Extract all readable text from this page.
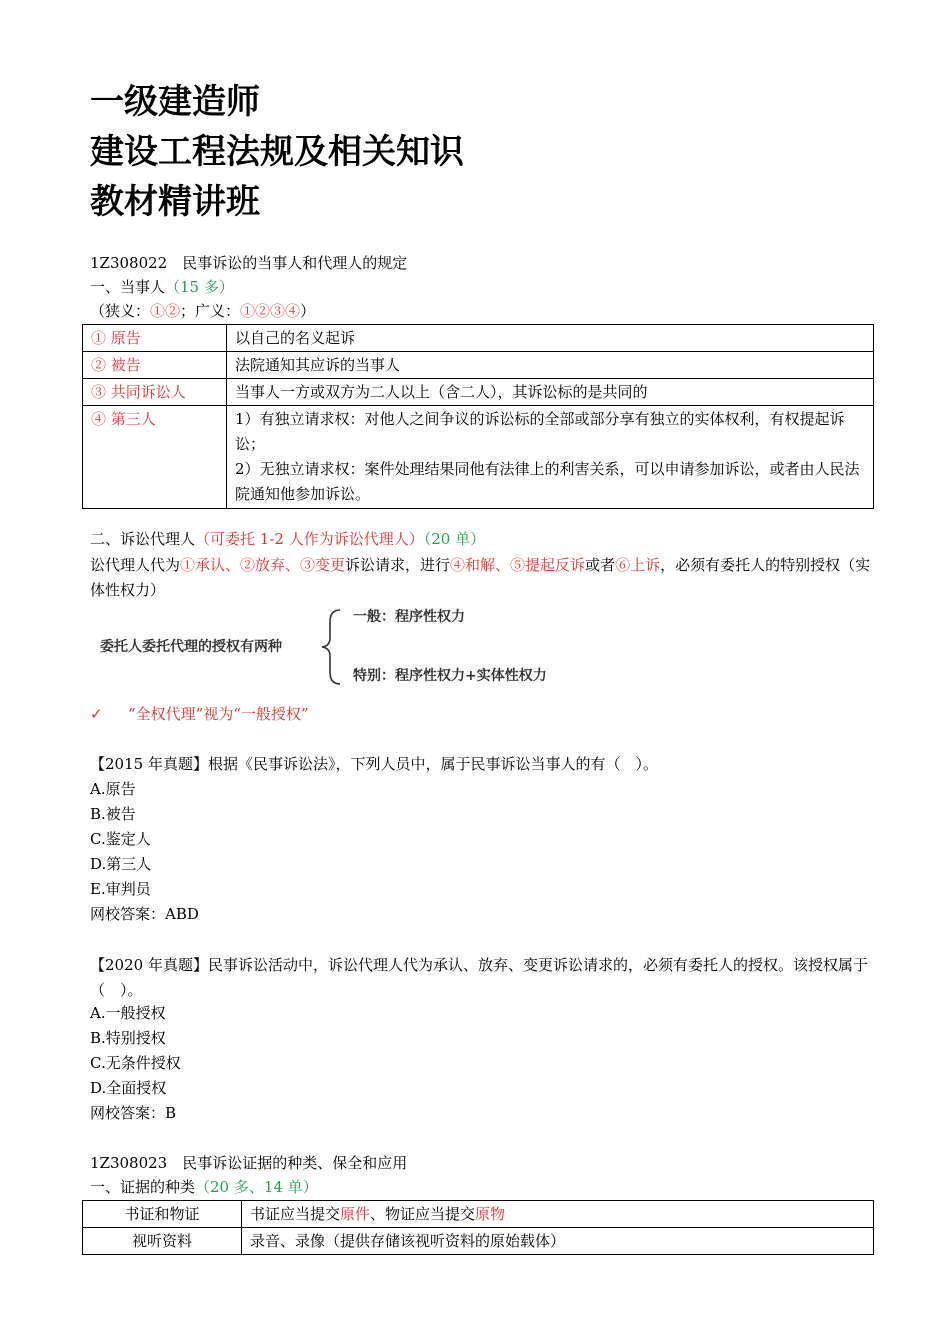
一级建造师
建设工程法规及相关知识
教材精讲班
1Z308022　民事诉讼的当事人和代理人的规定
一、当事人（15 多）
（狭义：①②；广义：①②③④）
① 原告	以自己的名义起诉
② 被告	法院通知其应诉的当事人
③ 共同诉讼人	当事人一方或双方为二人以上（含二人），其诉讼标的是共同的
④ 第三人	1）有独立请求权：对他人之间争议的诉讼标的全部或部分享有独立的实体权利，有权提起诉讼；
2）无独立请求权：案件处理结果同他有法律上的利害关系，可以申请参加诉讼，或者由人民法院通知他参加诉讼。
二、诉讼代理人（可委托 1-2 人作为诉讼代理人）（20 单）
讼代理人代为①承认、②放弃、③变更诉讼请求，进行④和解、⑤提起反诉或者⑥上诉，必须有委托人的特别授权（实体性权力）
委托人委托代理的授权有两种
一般：程序性权力
特别：程序性权力+实体性权力
✓ “全权代理”视为“一般授权”
【2015 年真题】根据《民事诉讼法》，下列人员中，属于民事诉讼当事人的有（　）。
A.原告
B.被告
C.鉴定人
D.第三人
E.审判员
网校答案：ABD
【2020 年真题】民事诉讼活动中，诉讼代理人代为承认、放弃、变更诉讼请求的，必须有委托人的授权。该授权属于（　）。
A.一般授权
B.特别授权
C.无条件授权
D.全面授权
网校答案：B
1Z308023　民事诉讼证据的种类、保全和应用
一、证据的种类（20 多、14 单）
书证和物证	书证应当提交原件、物证应当提交原物
视听资料	录音、录像（提供存储该视听资料的原始载体）
